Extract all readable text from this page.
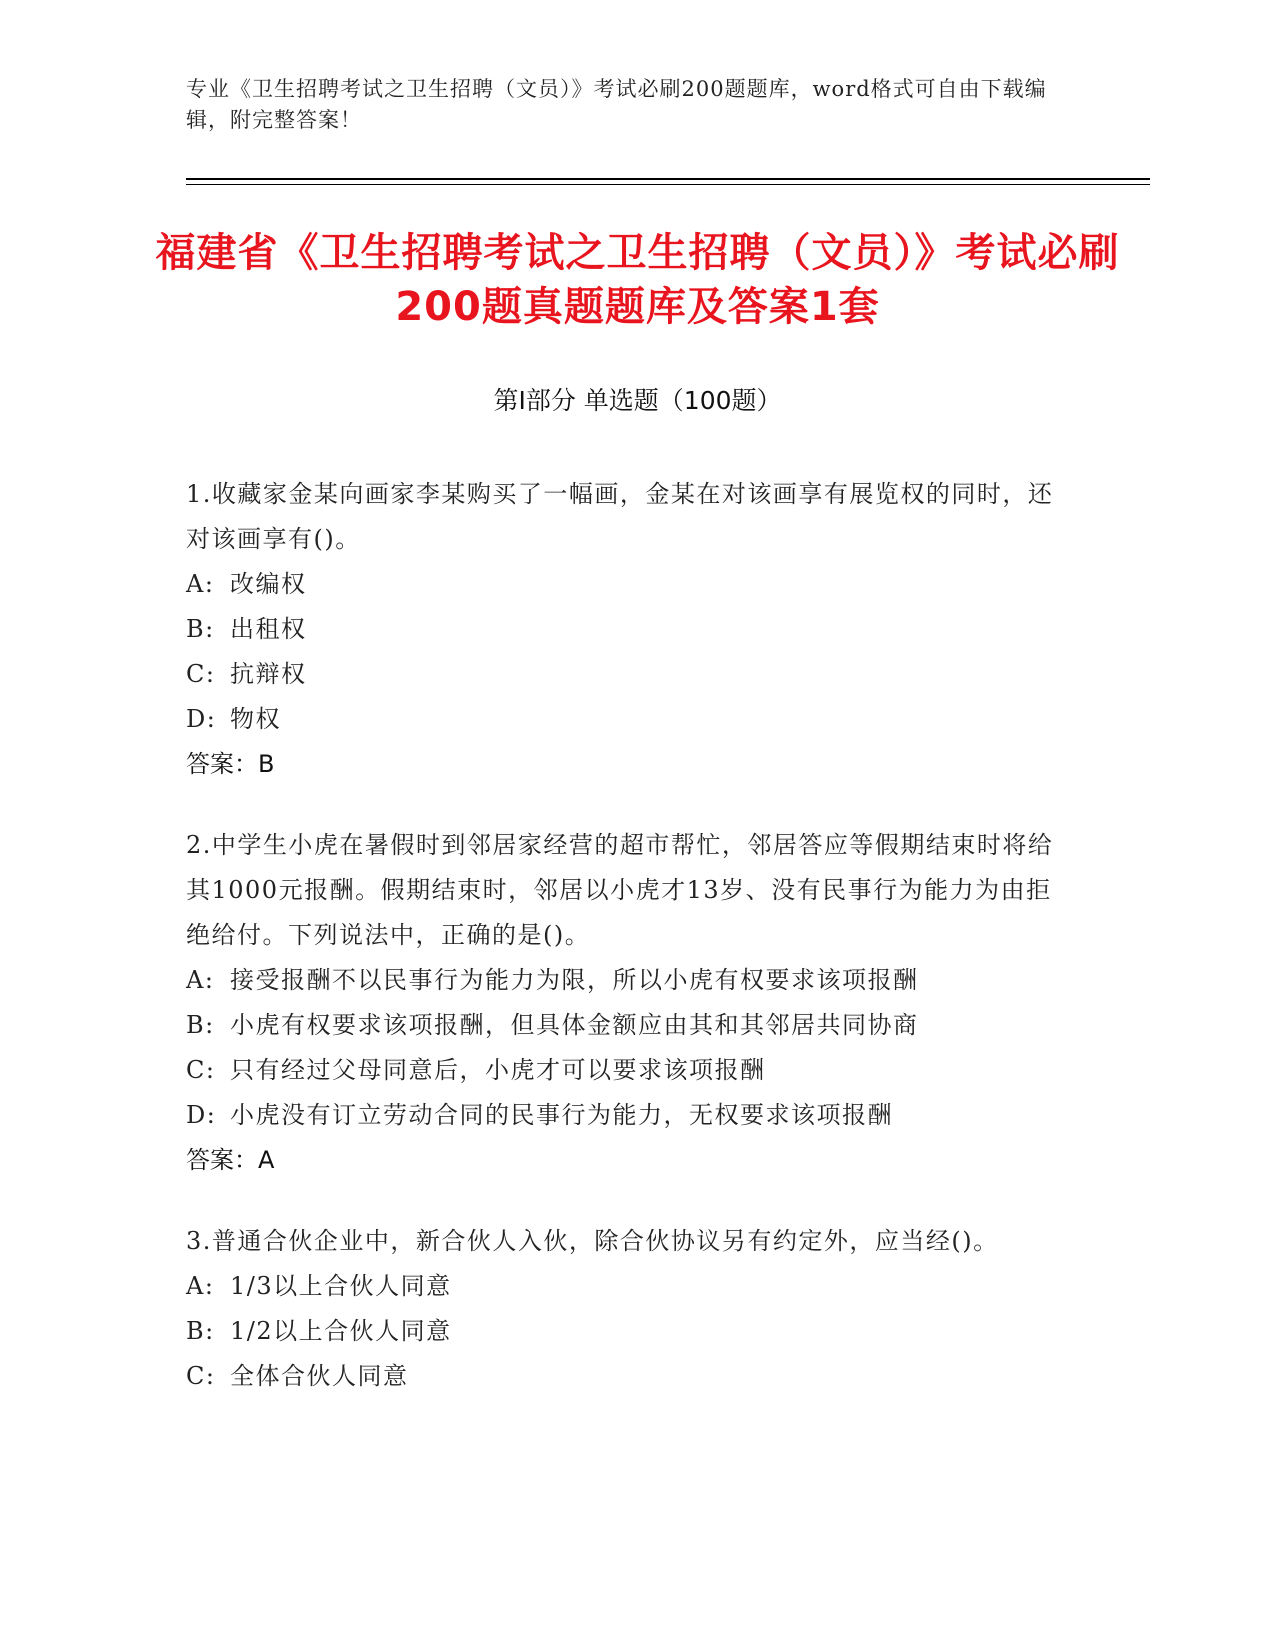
专业《卫生招聘考试之卫生招聘（文员）》考试必刷200题题库，word格式可自由下载编辑，附完整答案！
福建省《卫生招聘考试之卫生招聘（文员）》考试必刷200题真题题库及答案1套
第Ⅰ部分 单选题（100题）
1.收藏家金某向画家李某购买了一幅画，金某在对该画享有展览权的同时，还对该画享有()。
A: 改编权
B: 出租权
C: 抗辩权
D: 物权
答案：B
2.中学生小虎在暑假时到邻居家经营的超市帮忙，邻居答应等假期结束时将给其1000元报酬。假期结束时，邻居以小虎才13岁、没有民事行为能力为由拒绝给付。下列说法中，正确的是()。
A: 接受报酬不以民事行为能力为限，所以小虎有权要求该项报酬
B: 小虎有权要求该项报酬，但具体金额应由其和其邻居共同协商
C: 只有经过父母同意后，小虎才可以要求该项报酬
D: 小虎没有订立劳动合同的民事行为能力，无权要求该项报酬
答案：A
3.普通合伙企业中，新合伙人入伙，除合伙协议另有约定外，应当经()。
A: 1/3以上合伙人同意
B: 1/2以上合伙人同意
C: 全体合伙人同意
